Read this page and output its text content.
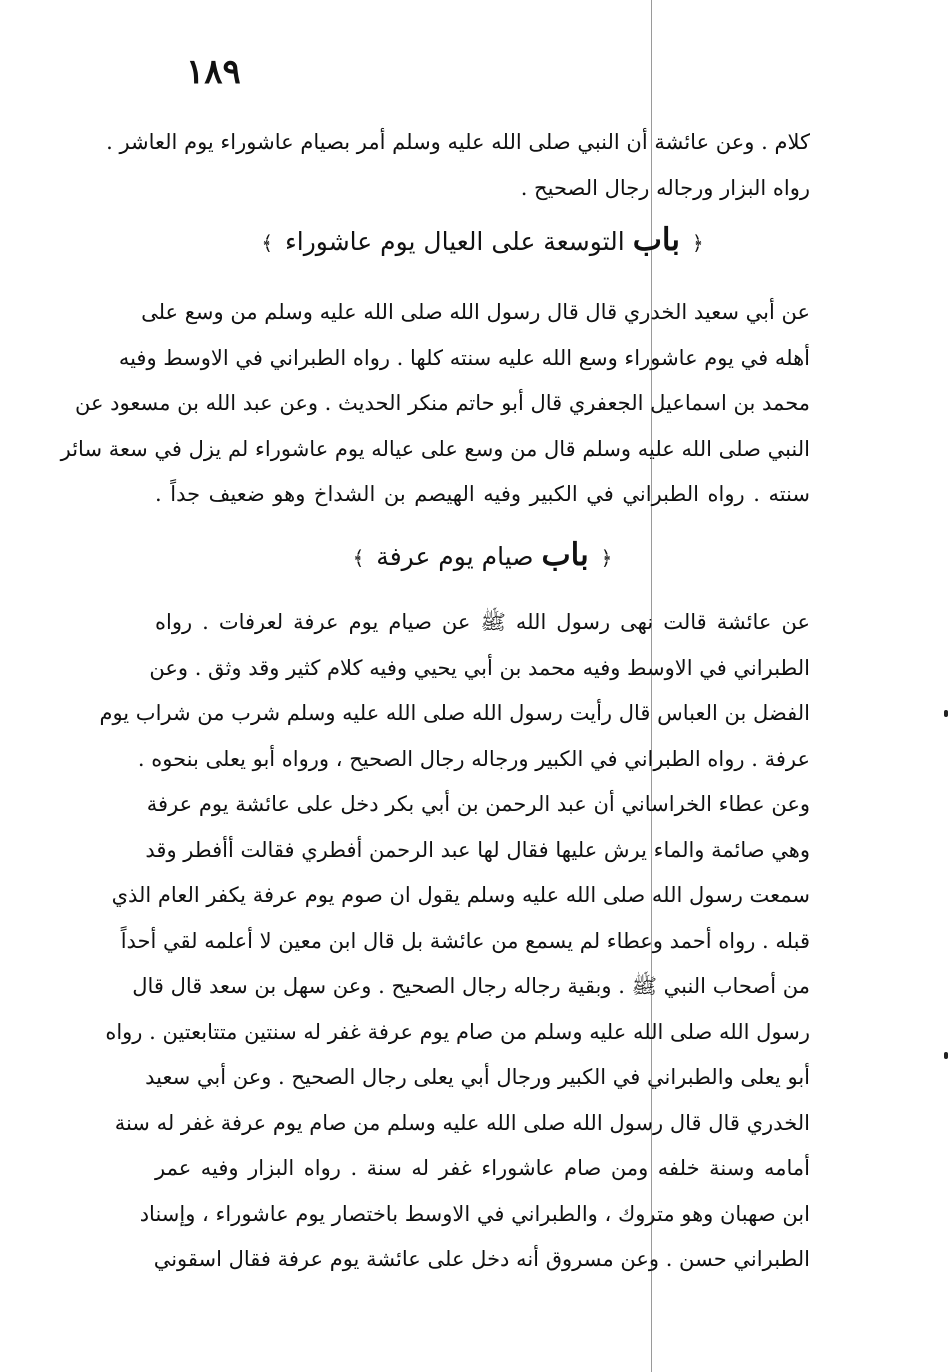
١٨٩
كلام . وعن عائشة أن النبي صلى الله عليه وسلم أمر بصيام عاشوراء يوم العاشر .
رواه البزار ورجاله رجال الصحيح .
﴿ باب التوسعة على العيال يوم عاشوراء ﴾
عن أبي سعيد الخدري قال قال رسول الله صلى الله عليه وسلم من وسع على
أهله في يوم عاشوراء وسع الله عليه سنته كلها . رواه الطبراني في الاوسط وفيه
محمد بن اسماعيل الجعفري قال أبو حاتم منكر الحديث . وعن عبد الله بن مسعود عن
النبي صلى الله عليه وسلم قال من وسع على عياله يوم عاشوراء لم يزل في سعة سائر
سنته . رواه الطبراني في الكبير وفيه الهيصم بن الشداخ وهو ضعيف جداً .
﴿ باب صيام يوم عرفة ﴾
عن عائشة قالت نهى رسول الله ﷺ عن صيام يوم عرفة لعرفات . رواه
الطبراني في الاوسط وفيه محمد بن أبي يحيي وفيه كلام كثير وقد وثق . وعن
الفضل بن العباس قال رأيت رسول الله صلى الله عليه وسلم شرب من شراب يوم
عرفة . رواه الطبراني في الكبير ورجاله رجال الصحيح ، ورواه أبو يعلى بنحوه .
وعن عطاء الخراساني أن عبد الرحمن بن أبي بكر دخل على عائشة يوم عرفة
وهي صائمة والماء يرش عليها فقال لها عبد الرحمن أفطري فقالت أأفطر وقد
سمعت رسول الله صلى الله عليه وسلم يقول ان صوم يوم عرفة يكفر العام الذي
قبله . رواه أحمد وعطاء لم يسمع من عائشة بل قال ابن معين لا أعلمه لقي أحداً
من أصحاب النبي ﷺ . وبقية رجاله رجال الصحيح . وعن سهل بن سعد قال قال
رسول الله صلى الله عليه وسلم من صام يوم عرفة غفر له سنتين متتابعتين . رواه
أبو يعلى والطبراني في الكبير ورجال أبي يعلى رجال الصحيح . وعن أبي سعيد
الخدري قال قال رسول الله صلى الله عليه وسلم من صام يوم عرفة غفر له سنة
أمامه وسنة خلفه ومن صام عاشوراء غفر له سنة . رواه البزار وفيه عمر
ابن صهبان وهو متروك ، والطبراني في الاوسط باختصار يوم عاشوراء ، وإسناد
الطبراني حسن . وعن مسروق أنه دخل على عائشة يوم عرفة فقال اسقوني
